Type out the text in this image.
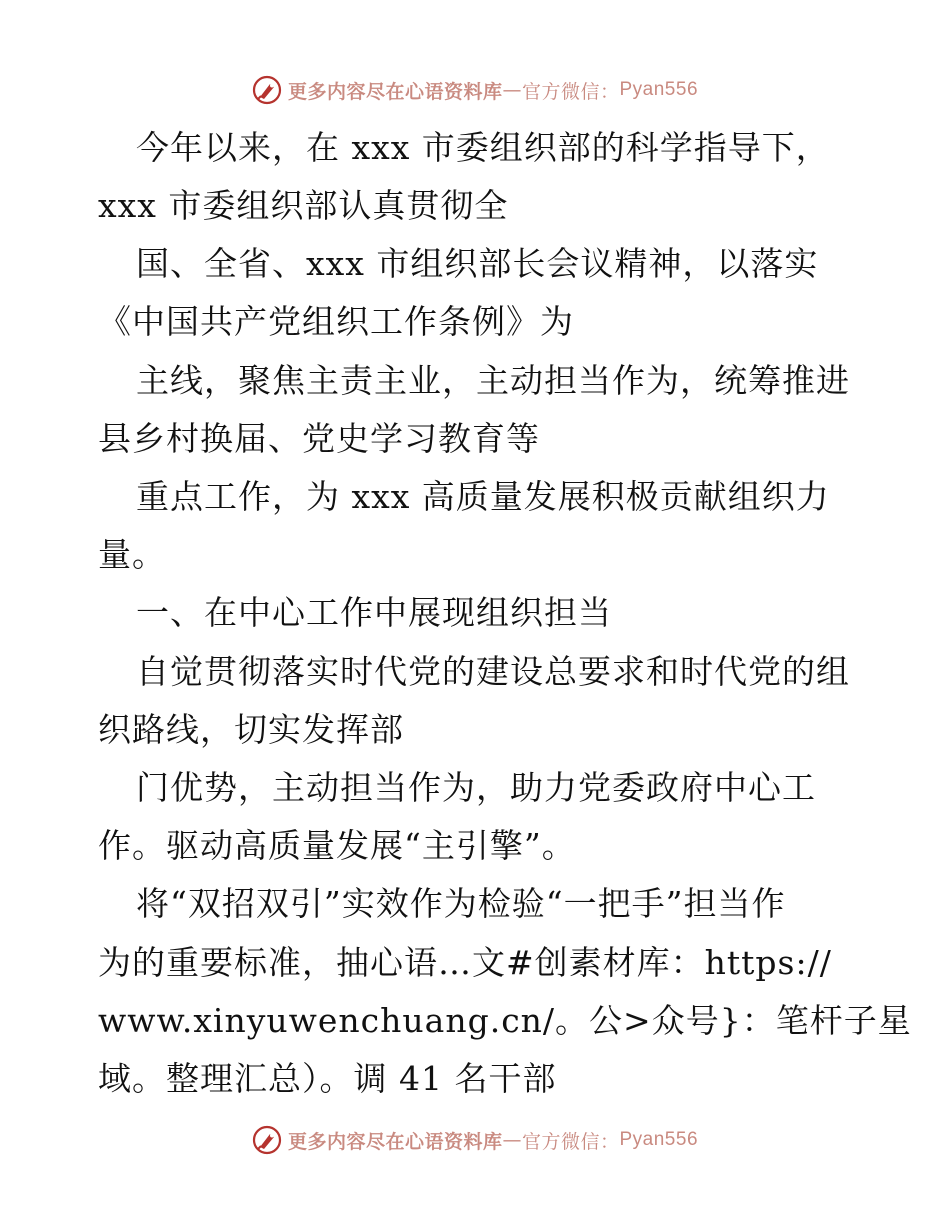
更多内容尽在心语资料库 — 官方微信： Pyan556
今年以来，在 xxx 市委组织部的科学指导下，
xxx 市委组织部认真贯彻全
国、全省、xxx 市组织部长会议精神，以落实
《中国共产党组织工作条例》为
主线，聚焦主责主业，主动担当作为，统筹推进
县乡村换届、党史学习教育等
重点工作，为 xxx 高质量发展积极贡献组织力
量。
一、在中心工作中展现组织担当
自觉贯彻落实时代党的建设总要求和时代党的组
织路线，切实发挥部
门优势，主动担当作为，助力党委政府中心工
作。驱动高质量发展“主引擎”。
将“双招双引”实效作为检验“一把手”担当作
为的重要标准，抽心语…文#创素材库：https://
www.xinyuwenchuang.cn/。公>众号}：笔杆子星
域。整理汇总）。调 41 名干部
更多内容尽在心语资料库 — 官方微信： Pyan556
